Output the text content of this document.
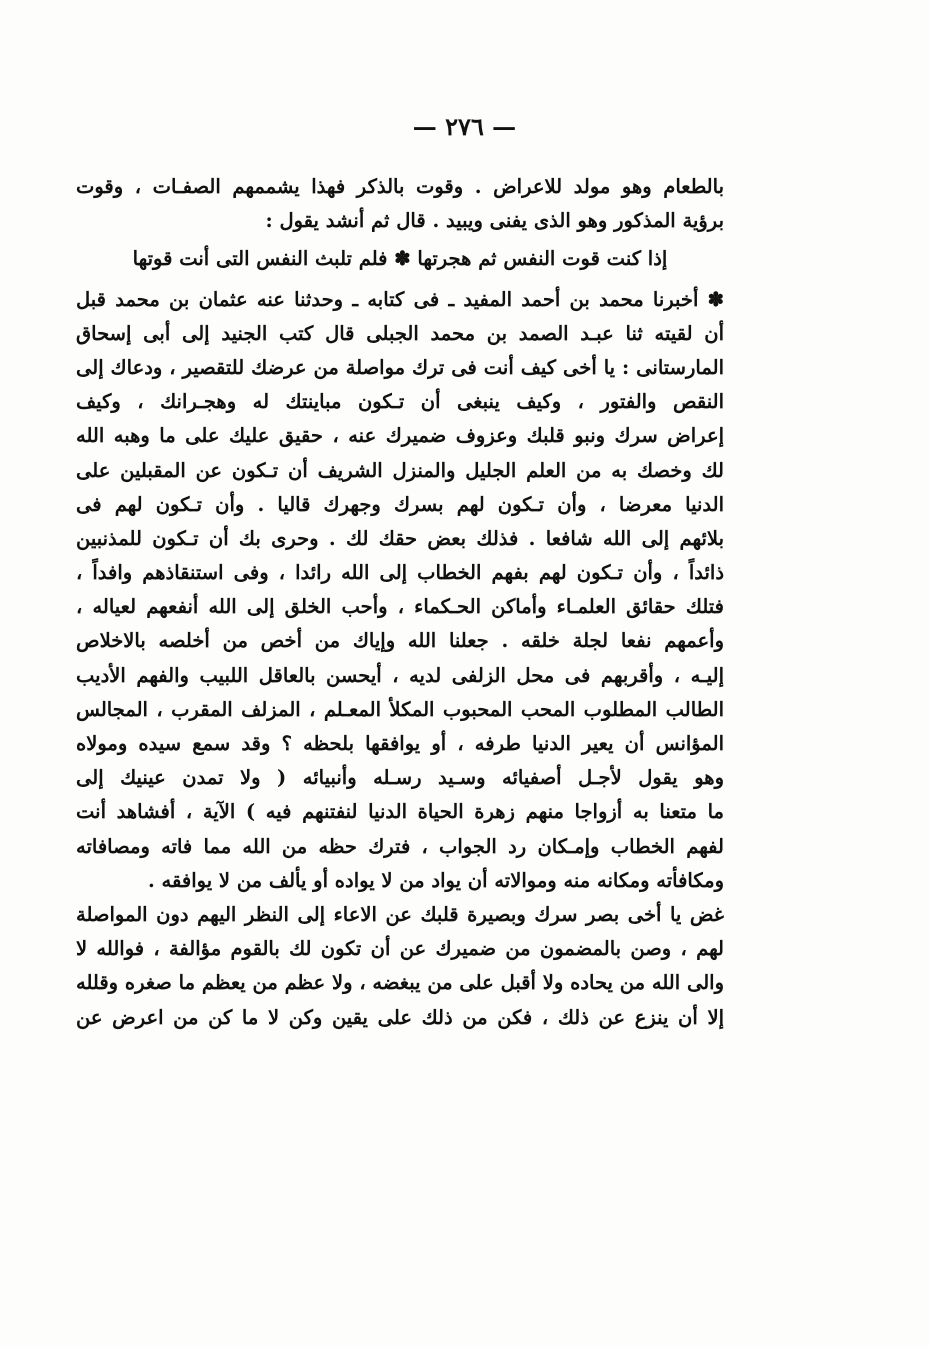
— ٢٧٦ —
بالطعام وهو مولد للاعراض . وقوت بالذكر فهذا يشممهم الصفـات ، وقوت
برؤية المذكور وهو الذى يفنى ويبيد . قال ثم أنشد يقول :
إذا كنت قوت النفس ثم هجرتها ✽ فلم تلبث النفس التى أنت قوتها
✽ أخبرنا محمد بن أحمد المفيد ـ فى كتابه ـ وحدثنا عنه عثمان بن محمد قبل
أن لقيته ثنا عبـد الصمد بن محمد الجبلى قال كتب الجنيد إلى أبى إسحاق
المارستانى : يا أخى كيف أنت فى ترك مواصلة من عرضك للتقصير ، ودعاك إلى
النقص والفتور ، وكيف ينبغى أن تـكون مباينتك له وهجـرانك ، وكيف
إعراض سرك ونبو قلبك وعزوف ضميرك عنه ، حقيق عليك على ما وهبه الله
لك وخصك به من العلم الجليل والمنزل الشريف أن تـكون عن المقبلين على
الدنيا معرضا ، وأن تـكون لهم بسرك وجهرك قاليا . وأن تـكون لهم فى
بلائهم إلى الله شافعا . فذلك بعض حقك لك . وحرى بك أن تـكون للمذنبين
ذائداً ، وأن تـكون لهم بفهم الخطاب إلى الله رائدا ، وفى استنقاذهم وافداً ،
فتلك حقائق العلمـاء وأماكن الحـكماء ، وأحب الخلق إلى الله أنفعهم لعياله ،
وأعمهم نفعا لجلة خلقه . جعلنا الله وإياك من أخص من أخلصه بالاخلاص
إليـه ، وأقربهم فى محل الزلفى لديه ، أيحسن بالعاقل اللبيب والفهم الأديب
الطالب المطلوب المحب المحبوب المكلأ المعـلم ، المزلف المقرب ، المجالس
المؤانس أن يعير الدنيا طرفه ، أو يوافقها بلحظه ؟ وقد سمع سيده ومولاه
وهو يقول لأجـل أصفيائه وسـيد رسـله وأنبيائه ( ولا تمدن عينيك إلى
ما متعنا به أزواجا منهم زهرة الحياة الدنيا لنفتنهم فيه ) الآية ، أفشاهد أنت
لفهم الخطاب وإمـكان رد الجواب ، فترك حظه من الله مما فاته ومصافاته
ومكافأته ومكانه منه وموالاته أن يواد من لا يواده أو يألف من لا يوافقه .
غض يا أخى بصر سرك وبصيرة قلبك عن الاعاء إلى النظر اليهم دون المواصلة
لهم ، وصن بالمضمون من ضميرك عن أن تكون لك بالقوم مؤالفة ، فوالله لا
والى الله من يحاده ولا أقبل على من يبغضه ، ولا عظم من يعظم ما صغره وقلله
إلا أن ينزع عن ذلك ، فكن من ذلك على يقين وكن لا ما كن من اعرض عن
